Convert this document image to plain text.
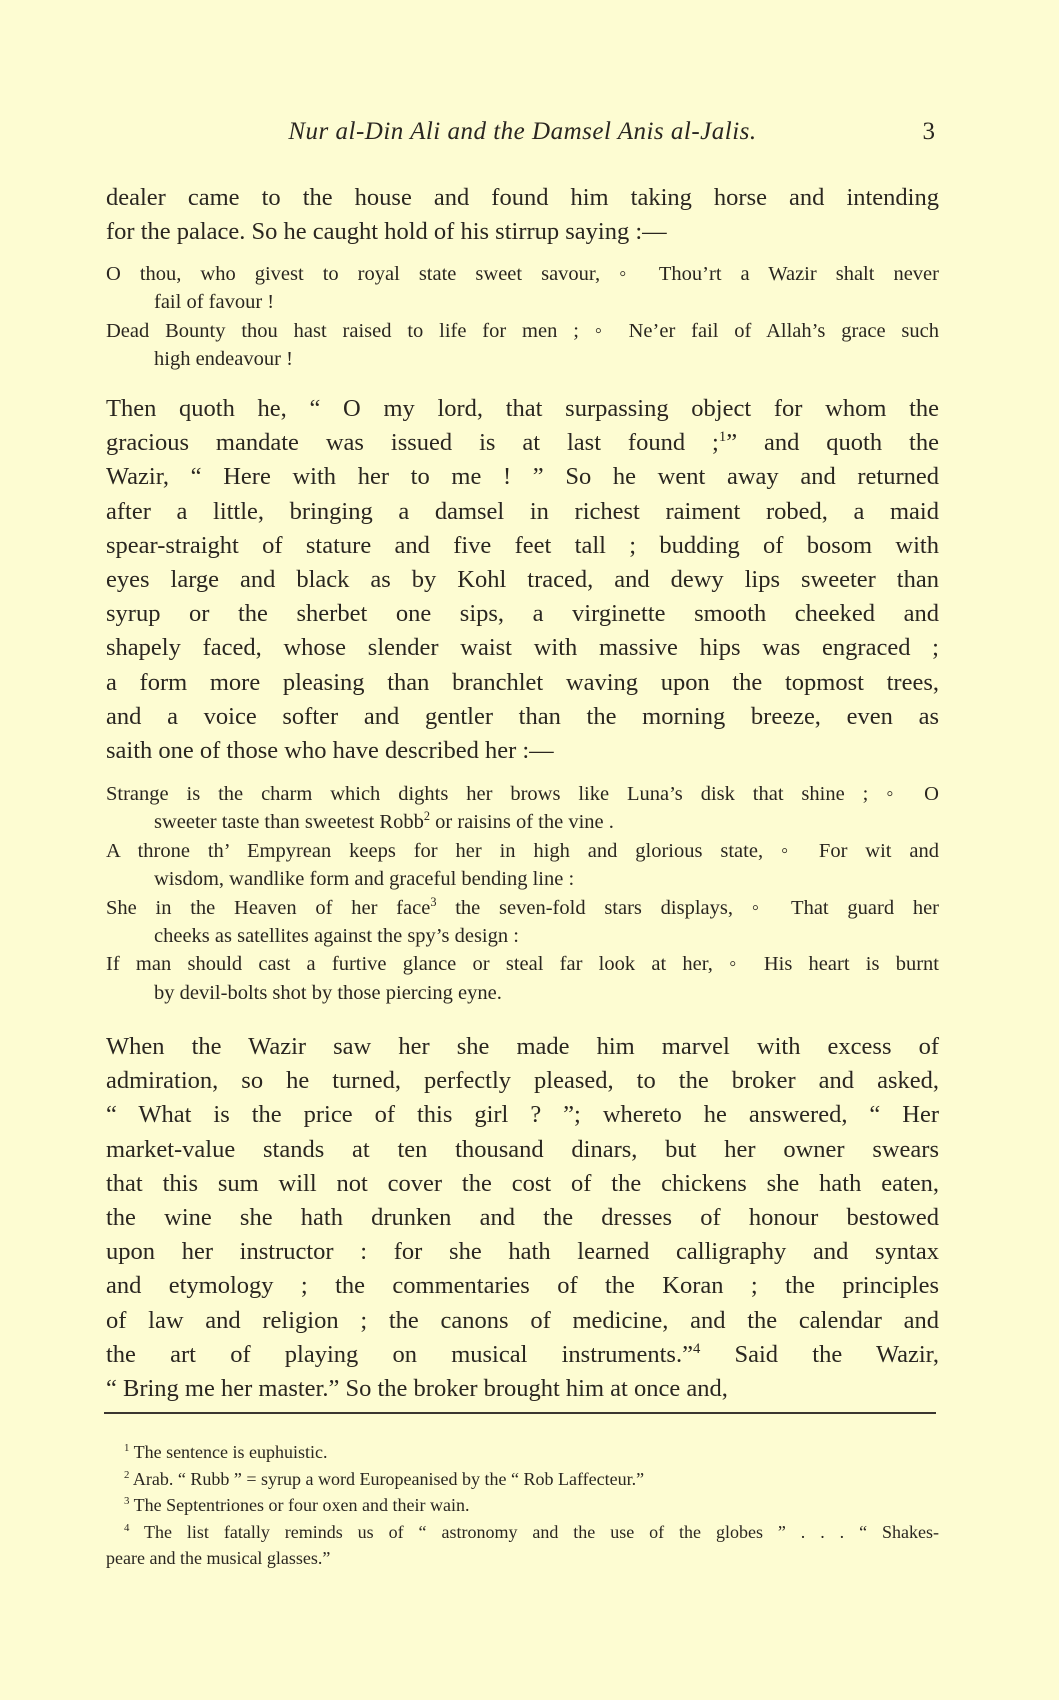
Nur al-Din Ali and the Damsel Anis al-Jalis.	3
dealer came to the house and found him taking horse and intending
for the palace. So he caught hold of his stirrup saying :—
O thou, who givest to royal state sweet savour, ◦ Thou’rt a Wazir shalt never
fail of favour !
Dead Bounty thou hast raised to life for men ; ◦ Ne’er fail of Allah’s grace such
high endeavour !
Then quoth he, “ O my lord, that surpassing object for whom the
gracious mandate was issued is at last found ;$^1$” and quoth the
Wazir, “ Here with her to me ! ” So he went away and returned
after a little, bringing a damsel in richest raiment robed, a maid
spear-straight of stature and five feet tall ; budding of bosom with
eyes large and black as by Kohl traced, and dewy lips sweeter than
syrup or the sherbet one sips, a virginette smooth cheeked and
shapely faced, whose slender waist with massive hips was engraced ;
a form more pleasing than branchlet waving upon the topmost trees,
and a voice softer and gentler than the morning breeze, even as
saith one of those who have described her :—
Strange is the charm which dights her brows like Luna’s disk that shine ; ◦ O
sweeter taste than sweetest Robb$^2$ or raisins of the vine .
A throne th’ Empyrean keeps for her in high and glorious state, ◦ For wit and
wisdom, wandlike form and graceful bending line :
She in the Heaven of her face$^3$ the seven-fold stars displays, ◦ That guard her
cheeks as satellites against the spy’s design :
If man should cast a furtive glance or steal far look at her, ◦ His heart is burnt
by devil-bolts shot by those piercing eyne.
When the Wazir saw her she made him marvel with excess of
admiration, so he turned, perfectly pleased, to the broker and asked,
“ What is the price of this girl ? ”; whereto he answered, “ Her
market-value stands at ten thousand dinars, but her owner swears
that this sum will not cover the cost of the chickens she hath eaten,
the wine she hath drunken and the dresses of honour bestowed
upon her instructor : for she hath learned calligraphy and syntax
and etymology ; the commentaries of the Koran ; the principles
of law and religion ; the canons of medicine, and the calendar and
the art of playing on musical instruments.”$^4$ Said the Wazir,
“ Bring me her master.” So the broker brought him at once and,
$^1$ The sentence is euphuistic.
$^2$ Arab. “ Rubb ” = syrup a word Europeanised by the “ Rob Laffecteur.”
$^3$ The Septentriones or four oxen and their wain.
$^4$ The list fatally reminds us of “ astronomy and the use of the globes ” . . . “ Shakes-
peare and the musical glasses.”
